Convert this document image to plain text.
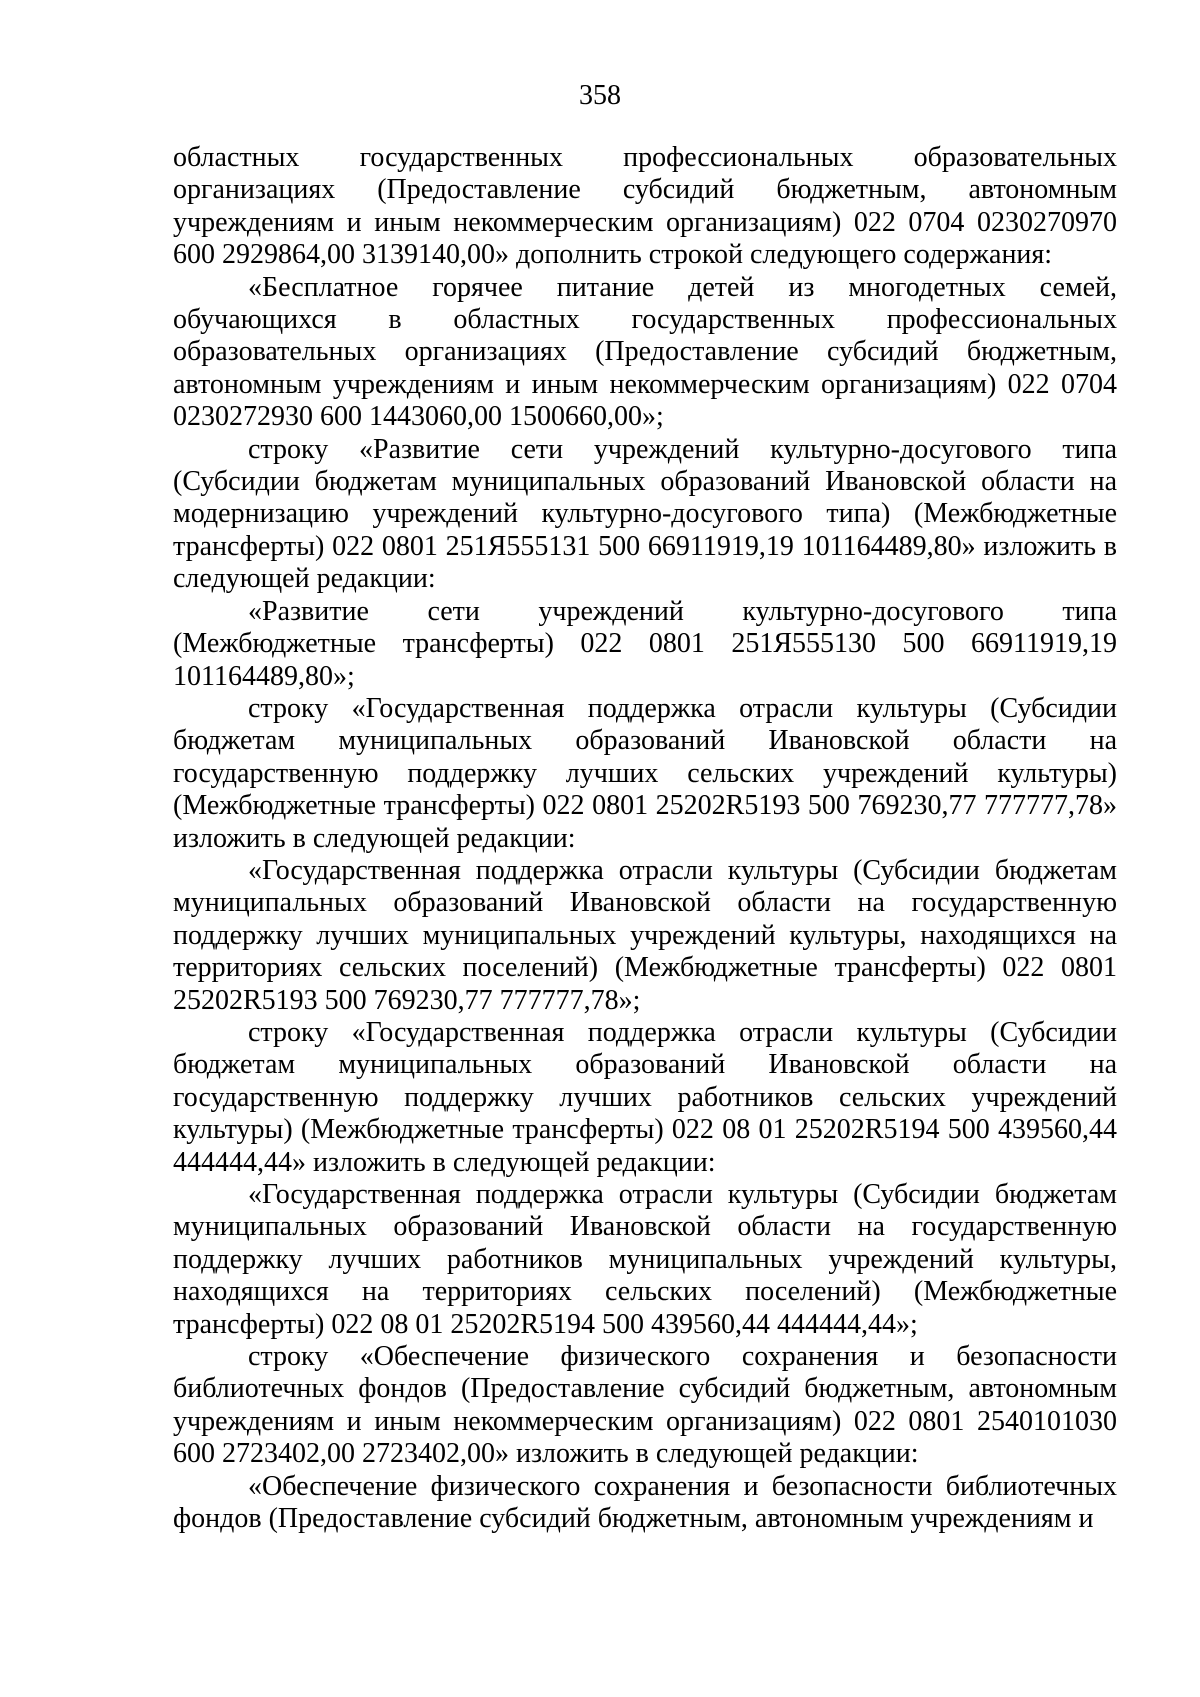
358

областных государственных профессиональных образовательных организациях (Предоставление субсидий бюджетным, автономным учреждениям и иным некоммерческим организациям) 022 0704 0230270970 600 2929864,00 3139140,00» дополнить строкой следующего содержания:

«Бесплатное горячее питание детей из многодетных семей, обучающихся в областных государственных профессиональных образовательных организациях (Предоставление субсидий бюджетным, автономным учреждениям и иным некоммерческим организациям) 022 0704 0230272930 600 1443060,00 1500660,00»;

строку «Развитие сети учреждений культурно-досугового типа (Субсидии бюджетам муниципальных образований Ивановской области на модернизацию учреждений культурно-досугового типа) (Межбюджетные трансферты) 022 0801 251Я555131 500 66911919,19 101164489,80» изложить в следующей редакции:

«Развитие сети учреждений культурно-досугового типа (Межбюджетные трансферты) 022 0801 251Я555130 500 66911919,19 101164489,80»;

строку «Государственная поддержка отрасли культуры (Субсидии бюджетам муниципальных образований Ивановской области на государственную поддержку лучших сельских учреждений культуры) (Межбюджетные трансферты) 022 0801 25202R5193 500 769230,77 777777,78» изложить в следующей редакции:

«Государственная поддержка отрасли культуры (Субсидии бюджетам муниципальных образований Ивановской области на государственную поддержку лучших муниципальных учреждений культуры, находящихся на территориях сельских поселений) (Межбюджетные трансферты) 022 0801 25202R5193 500 769230,77 777777,78»;

строку «Государственная поддержка отрасли культуры (Субсидии бюджетам муниципальных образований Ивановской области на государственную поддержку лучших работников сельских учреждений культуры) (Межбюджетные трансферты) 022 08 01 25202R5194 500 439560,44 444444,44» изложить в следующей редакции:

«Государственная поддержка отрасли культуры (Субсидии бюджетам муниципальных образований Ивановской области на государственную поддержку лучших работников муниципальных учреждений культуры, находящихся на территориях сельских поселений) (Межбюджетные трансферты) 022 08 01 25202R5194 500 439560,44 444444,44»;

строку «Обеспечение физического сохранения и безопасности библиотечных фондов (Предоставление субсидий бюджетным, автономным учреждениям и иным некоммерческим организациям) 022 0801 2540101030 600 2723402,00 2723402,00» изложить в следующей редакции:

«Обеспечение физического сохранения и безопасности библиотечных фондов (Предоставление субсидий бюджетным, автономным учреждениям и
